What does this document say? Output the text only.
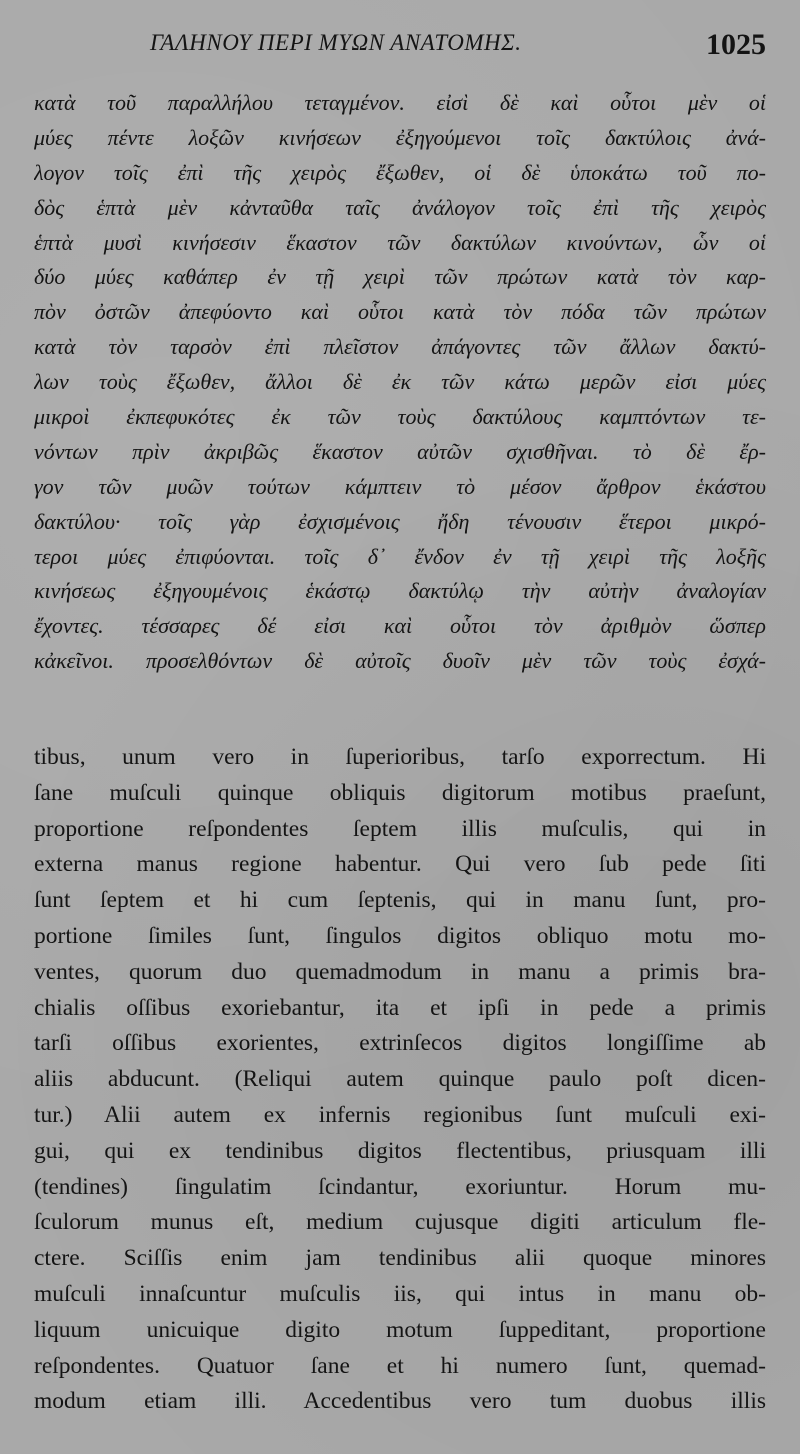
ΓΑΛΗΝΟΥ ΠΕΡΙ ΜΥΩΝ ΑΝΑΤΟΜΗΣ.	1025
κατὰ τοῦ παραλλήλου τεταγμένον. εἰσὶ δὲ καὶ οὗτοι μὲν οἱ
μύες πέντε λοξῶν κινήσεων ἐξηγούμενοι τοῖς δακτύλοις ἀνά-
λογον τοῖς ἐπὶ τῆς χειρὸς ἔξωθεν, οἱ δὲ ὑποκάτω τοῦ πο-
δὸς ἑπτὰ μὲν κἀνταῦθα ταῖς ἀνάλογον τοῖς ἐπὶ τῆς χειρὸς
ἑπτὰ μυσὶ κινήσεσιν ἕκαστον τῶν δακτύλων κινούντων, ὧν οἱ
δύο μύες καθάπερ ἐν τῇ χειρὶ τῶν πρώτων κατὰ τὸν καρ-
πὸν ὀστῶν ἀπεφύοντο καὶ οὗτοι κατὰ τὸν πόδα τῶν πρώτων
κατὰ τὸν ταρσὸν ἐπὶ πλεῖστον ἀπάγοντες τῶν ἄλλων δακτύ-
λων τοὺς ἔξωθεν, ἄλλοι δὲ ἐκ τῶν κάτω μερῶν εἰσι μύες
μικροὶ ἐκπεφυκότες ἐκ τῶν τοὺς δακτύλους καμπτόντων τε-
νόντων πρὶν ἀκριβῶς ἕκαστον αὐτῶν σχισθῆναι. τὸ δὲ ἔρ-
γον τῶν μυῶν τούτων κάμπτειν τὸ μέσον ἄρθρον ἑκάστου
δακτύλου· τοῖς γὰρ ἐσχισμένοις ἤδη τένουσιν ἕτεροι μικρό-
τεροι μύες ἐπιφύονται. τοῖς δ᾽ ἔνδον ἐν τῇ χειρὶ τῆς λοξῆς
κινήσεως ἐξηγουμένοις ἑκάστῳ δακτύλῳ τὴν αὐτὴν ἀναλογίαν
ἔχοντες. τέσσαρες δέ εἰσι καὶ οὗτοι τὸν ἀριθμὸν ὥσπερ
κἀκεῖνοι. προσελθόντων δὲ αὐτοῖς δυοῖν μὲν τῶν τοὺς ἐσχά-
tibus, unum vero in ſuperioribus, tarſo exporrectum. Hi
ſane muſculi quinque obliquis digitorum motibus praeſunt,
proportione reſpondentes ſeptem illis muſculis, qui in
externa manus regione habentur. Qui vero ſub pede ſiti
ſunt ſeptem et hi cum ſeptenis, qui in manu ſunt, pro-
portione ſimiles ſunt, ſingulos digitos obliquo motu mo-
ventes, quorum duo quemadmodum in manu a primis bra-
chialis oſſibus exoriebantur, ita et ipſi in pede a primis
tarſi oſſibus exorientes, extrinſecos digitos longiſſime ab
aliis abducunt. (Reliqui autem quinque paulo poſt dicen-
tur.) Alii autem ex infernis regionibus ſunt muſculi exi-
gui, qui ex tendinibus digitos flectentibus, priusquam illi
(tendines) ſingulatim ſcindantur, exoriuntur. Horum mu-
ſculorum munus eſt, medium cujusque digiti articulum fle-
ctere. Sciſſis enim jam tendinibus alii quoque minores
muſculi innaſcuntur muſculis iis, qui intus in manu ob-
liquum unicuique digito motum ſuppeditant, proportione
reſpondentes. Quatuor ſane et hi numero ſunt, quemad-
modum etiam illi. Accedentibus vero tum duobus illis
